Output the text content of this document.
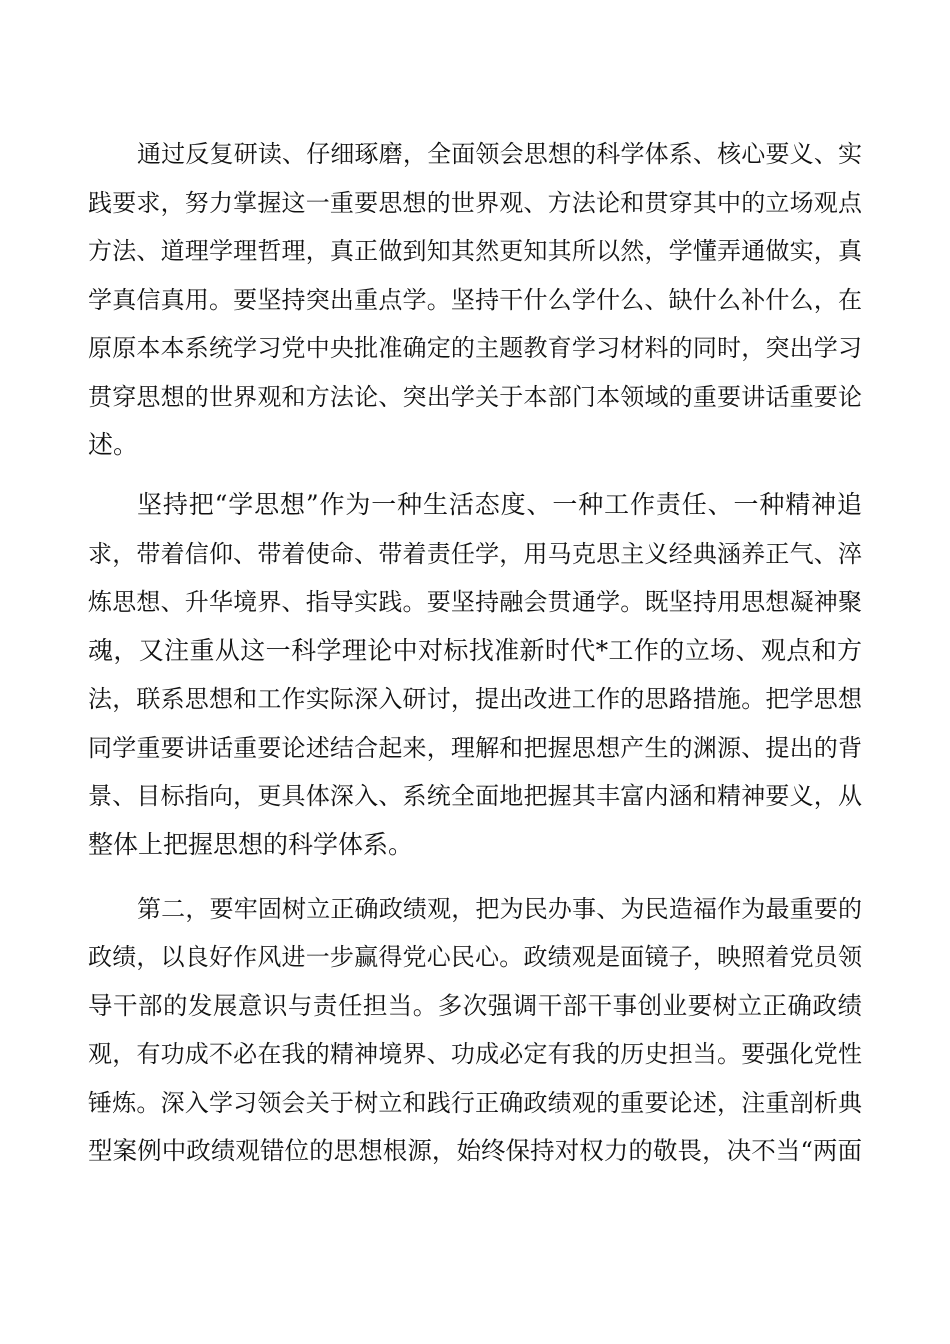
通过反复研读、仔细琢磨，全面领会思想的科学体系、核心要义、实
践要求，努力掌握这一重要思想的世界观、方法论和贯穿其中的立场观点
方法、道理学理哲理，真正做到知其然更知其所以然，学懂弄通做实，真
学真信真用。要坚持突出重点学。坚持干什么学什么、缺什么补什么，在
原原本本系统学习党中央批准确定的主题教育学习材料的同时，突出学习
贯穿思想的世界观和方法论、突出学关于本部门本领域的重要讲话重要论
述。
坚持把“学思想”作为一种生活态度、一种工作责任、一种精神追
求，带着信仰、带着使命、带着责任学，用马克思主义经典涵养正气、淬
炼思想、升华境界、指导实践。要坚持融会贯通学。既坚持用思想凝神聚
魂，又注重从这一科学理论中对标找准新时代*工作的立场、观点和方
法，联系思想和工作实际深入研讨，提出改进工作的思路措施。把学思想
同学重要讲话重要论述结合起来，理解和把握思想产生的渊源、提出的背
景、目标指向，更具体深入、系统全面地把握其丰富内涵和精神要义，从
整体上把握思想的科学体系。
第二，要牢固树立正确政绩观，把为民办事、为民造福作为最重要的
政绩，以良好作风进一步赢得党心民心。政绩观是面镜子，映照着党员领
导干部的发展意识与责任担当。多次强调干部干事创业要树立正确政绩
观，有功成不必在我的精神境界、功成必定有我的历史担当。要强化党性
锤炼。深入学习领会关于树立和践行正确政绩观的重要论述，注重剖析典
型案例中政绩观错位的思想根源，始终保持对权力的敬畏，决不当“两面
